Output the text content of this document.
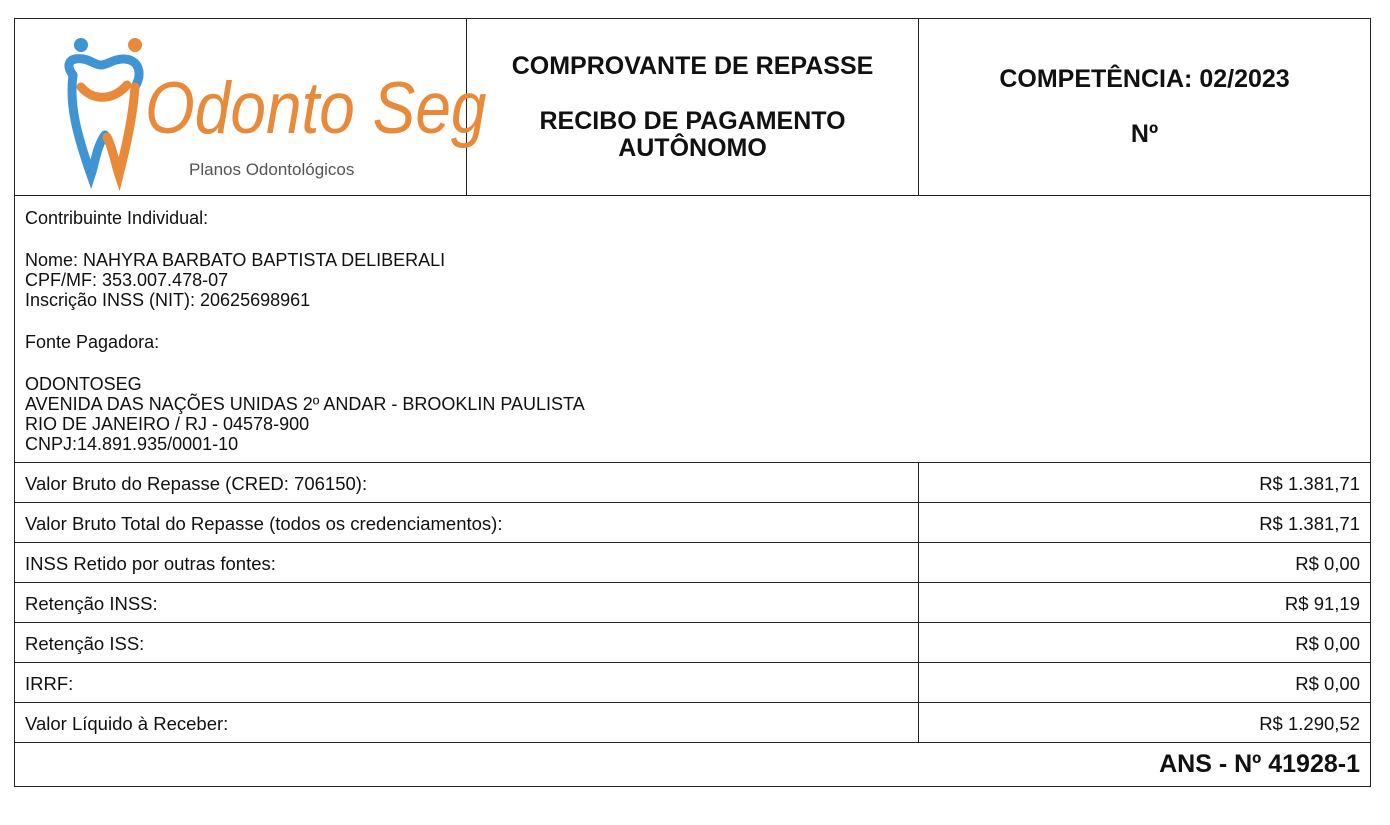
Odonto Seg
Planos Odontológicos
COMPROVANTE DE REPASSE
RECIBO DE PAGAMENTO AUTÔNOMO
COMPETÊNCIA: 02/2023
Nº
Contribuinte Individual:
Nome: NAHYRA BARBATO BAPTISTA DELIBERALI
CPF/MF: 353.007.478-07
Inscrição INSS (NIT): 20625698961
Fonte Pagadora:
ODONTOSEG
AVENIDA DAS NAÇÕES UNIDAS 2º ANDAR - BROOKLIN PAULISTA
RIO DE JANEIRO / RJ - 04578-900
CNPJ:14.891.935/0001-10
Valor Bruto do Repasse (CRED: 706150):	R$ 1.381,71
Valor Bruto Total do Repasse (todos os credenciamentos):	R$ 1.381,71
INSS Retido por outras fontes:	R$ 0,00
Retenção INSS:	R$ 91,19
Retenção ISS:	R$ 0,00
IRRF:	R$ 0,00
Valor Líquido à Receber:	R$ 1.290,52
ANS - Nº 41928-1
